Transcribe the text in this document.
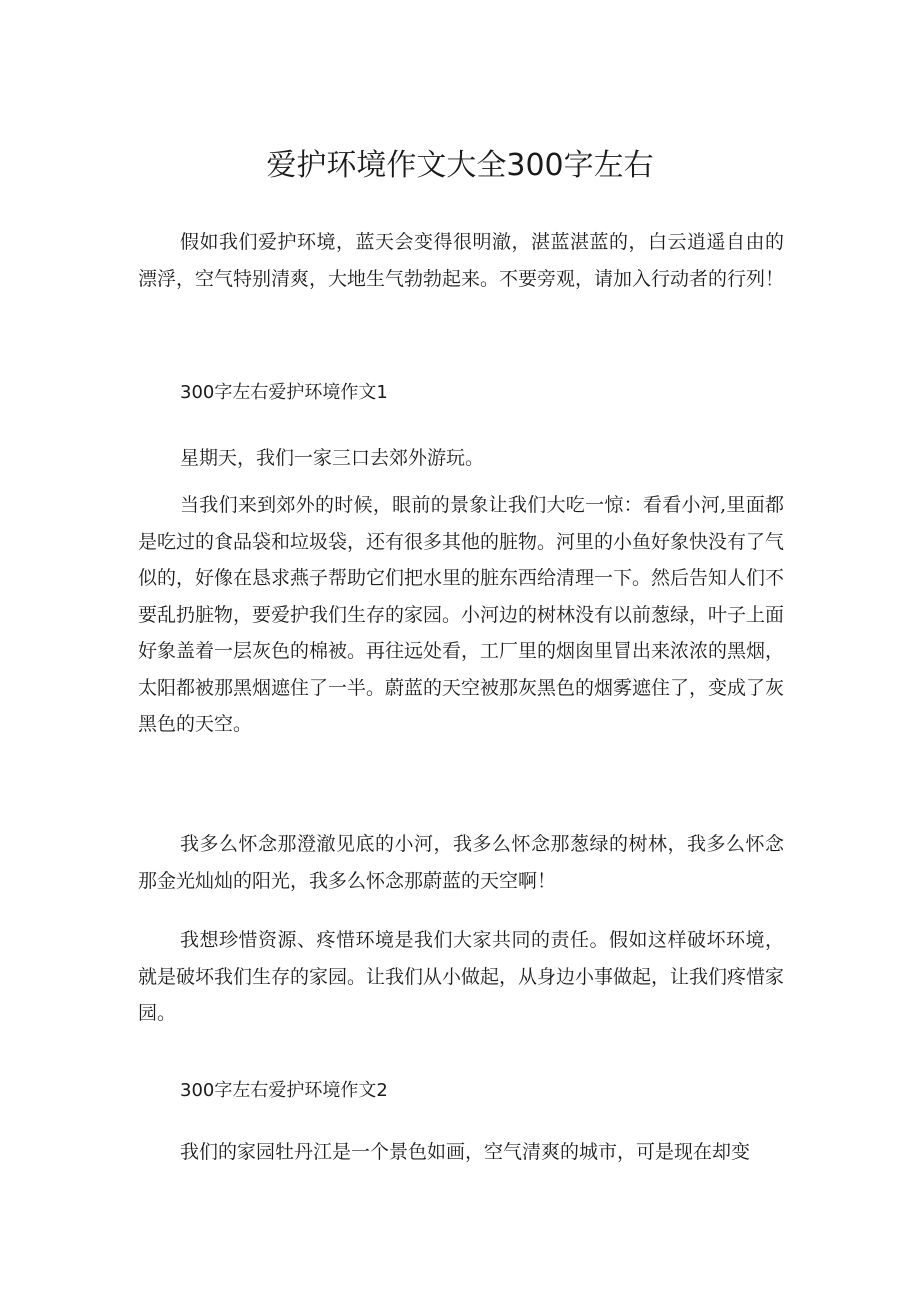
爱护环境作文大全300字左右

假如我们爱护环境，蓝天会变得很明澈，湛蓝湛蓝的，白云逍遥自由的漂浮，空气特别清爽，大地生气勃勃起来。不要旁观，请加入行动者的行列！

300字左右爱护环境作文1

星期天，我们一家三口去郊外游玩。

当我们来到郊外的时候，眼前的景象让我们大吃一惊：看看小河,里面都是吃过的食品袋和垃圾袋，还有很多其他的脏物。河里的小鱼好象快没有了气似的，好像在恳求燕子帮助它们把水里的脏东西给清理一下。然后告知人们不要乱扔脏物，要爱护我们生存的家园。小河边的树林没有以前葱绿，叶子上面好象盖着一层灰色的棉被。再往远处看，工厂里的烟囱里冒出来浓浓的黑烟，太阳都被那黑烟遮住了一半。蔚蓝的天空被那灰黑色的烟雾遮住了，变成了灰黑色的天空。

我多么怀念那澄澈见底的小河，我多么怀念那葱绿的树林，我多么怀念那金光灿灿的阳光，我多么怀念那蔚蓝的天空啊！

我想珍惜资源、疼惜环境是我们大家共同的责任。假如这样破坏环境，就是破坏我们生存的家园。让我们从小做起，从身边小事做起，让我们疼惜家园。

300字左右爱护环境作文2

我们的家园牡丹江是一个景色如画，空气清爽的城市，可是现在却变
